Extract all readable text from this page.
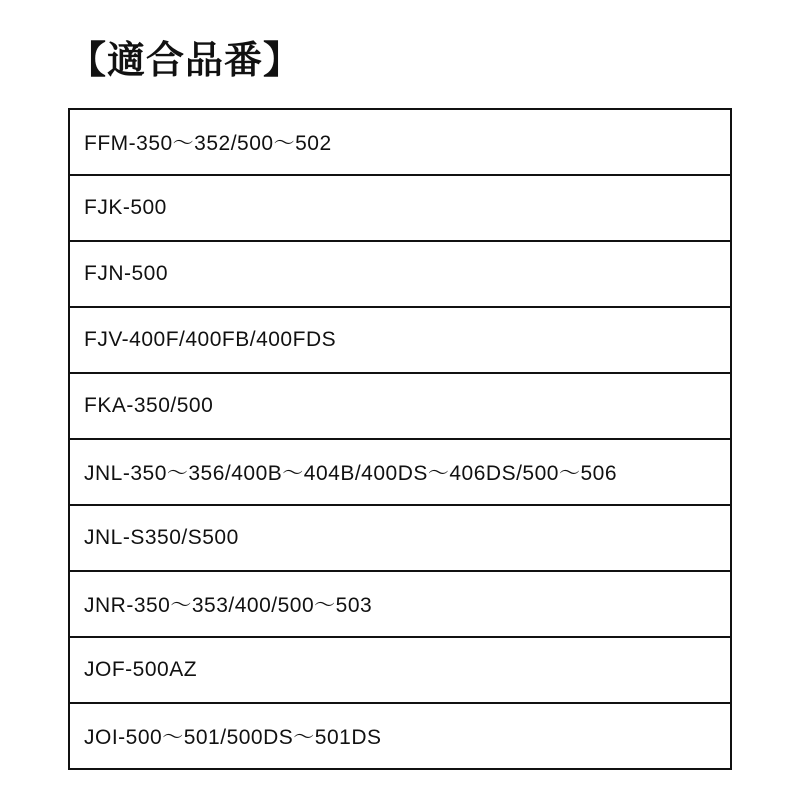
【適合品番】
FFM-350〜352/500〜502
FJK-500
FJN-500
FJV-400F/400FB/400FDS
FKA-350/500
JNL-350〜356/400B〜404B/400DS〜406DS/500〜506
JNL-S350/S500
JNR-350〜353/400/500〜503
JOF-500AZ
JOI-500〜501/500DS〜501DS
